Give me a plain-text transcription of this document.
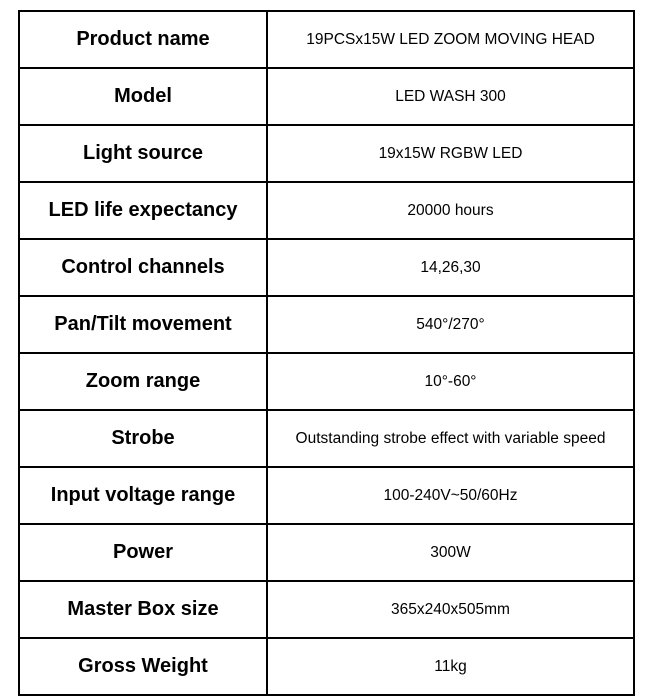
Product name	19PCSx15W LED ZOOM MOVING HEAD
Model	LED WASH 300
Light source	19x15W RGBW LED
LED life expectancy	20000 hours
Control channels	14,26,30
Pan/Tilt movement	540°/270°
Zoom range	10°-60°
Strobe	Outstanding strobe effect with variable speed
Input voltage range	100-240V~50/60Hz
Power	300W
Master Box size	365x240x505mm
Gross Weight	11kg
